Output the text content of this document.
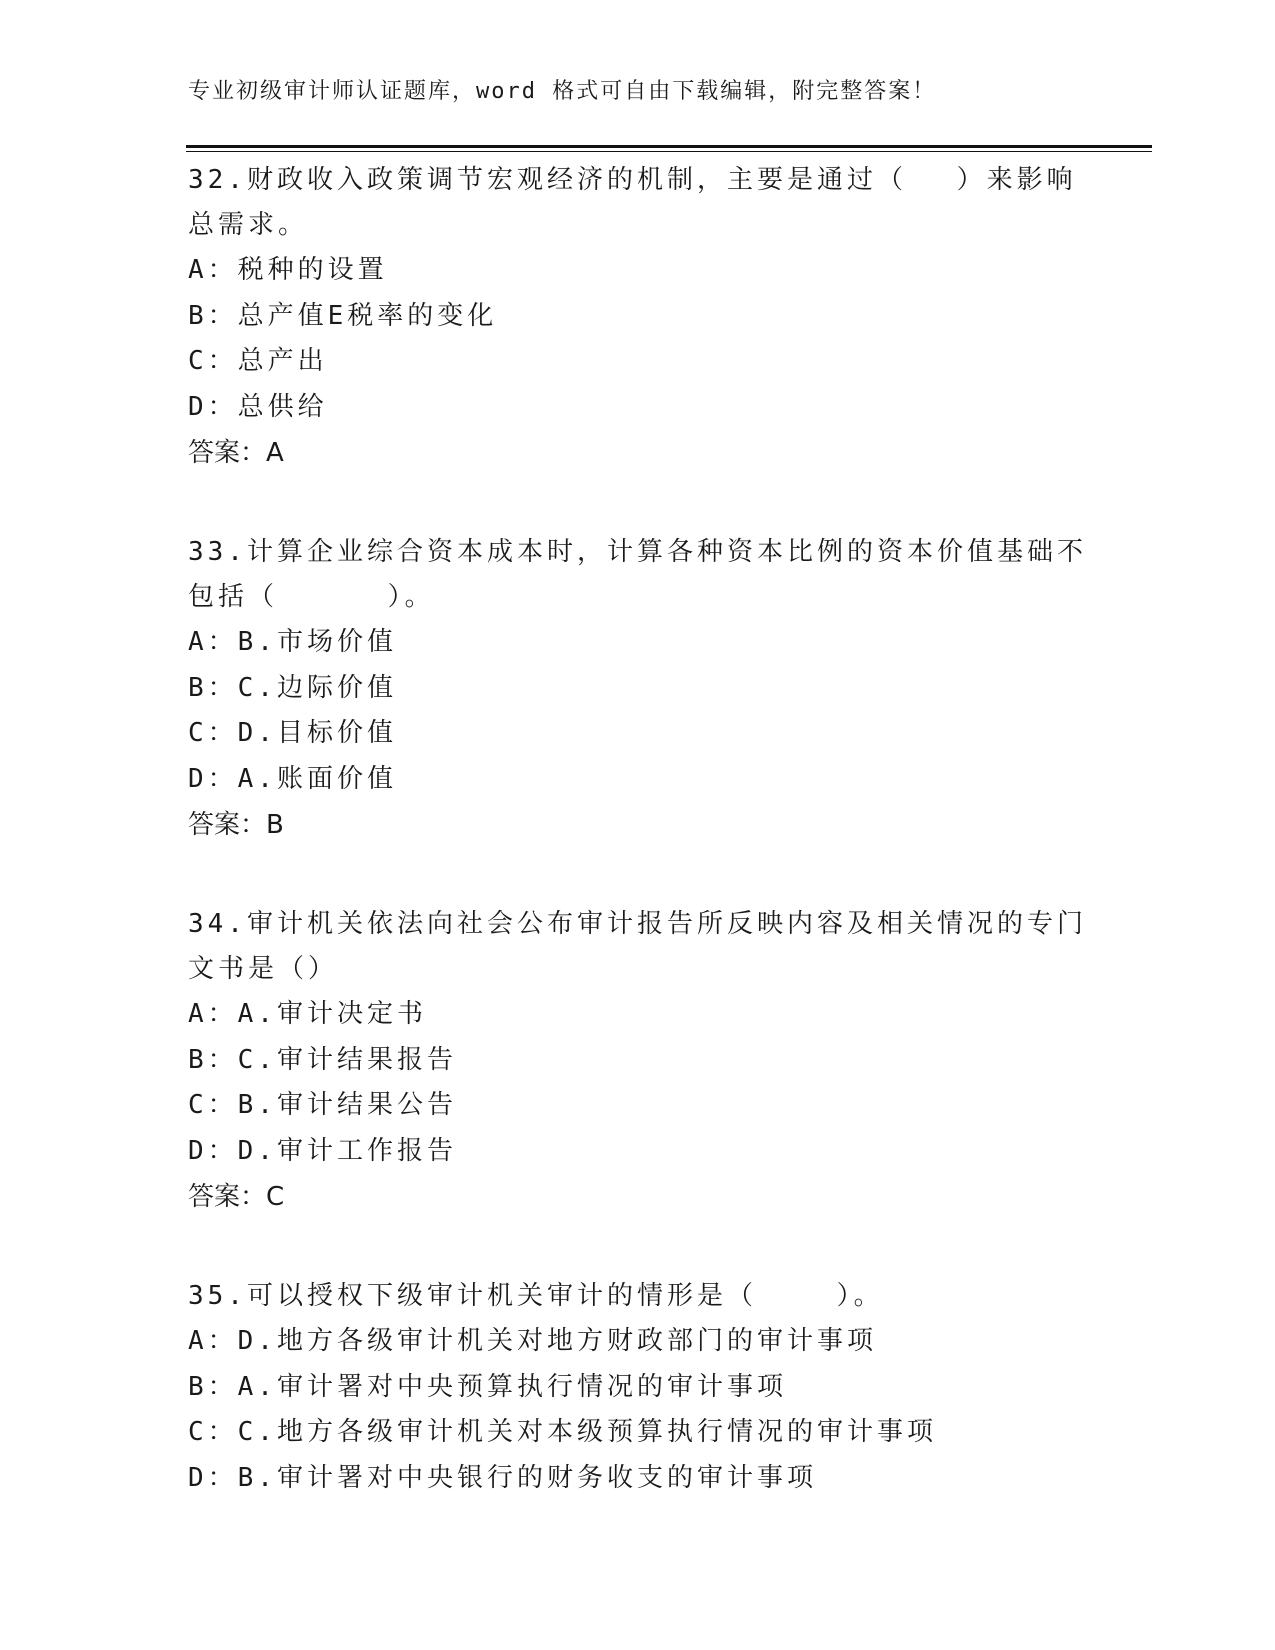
专业初级审计师认证题库，word 格式可自由下载编辑，附完整答案！

32.财政收入政策调节宏观经济的机制，主要是通过（　 ）来影响总需求。

A：税种的设置
B：总产值E税率的变化
C：总产出
D：总供给
答案：A

33.计算企业综合资本成本时，计算各种资本比例的资本价值基础不包括（　　　 ）。

A：B.市场价值
B：C.边际价值
C：D.目标价值
D：A.账面价值
答案：B

34.审计机关依法向社会公布审计报告所反映内容及相关情况的专门文书是（）

A：A.审计决定书
B：C.审计结果报告
C：B.审计结果公告
D：D.审计工作报告
答案：C

35.可以授权下级审计机关审计的情形是（　　 ）。

A：D.地方各级审计机关对地方财政部门的审计事项
B：A.审计署对中央预算执行情况的审计事项
C：C.地方各级审计机关对本级预算执行情况的审计事项
D：B.审计署对中央银行的财务收支的审计事项
